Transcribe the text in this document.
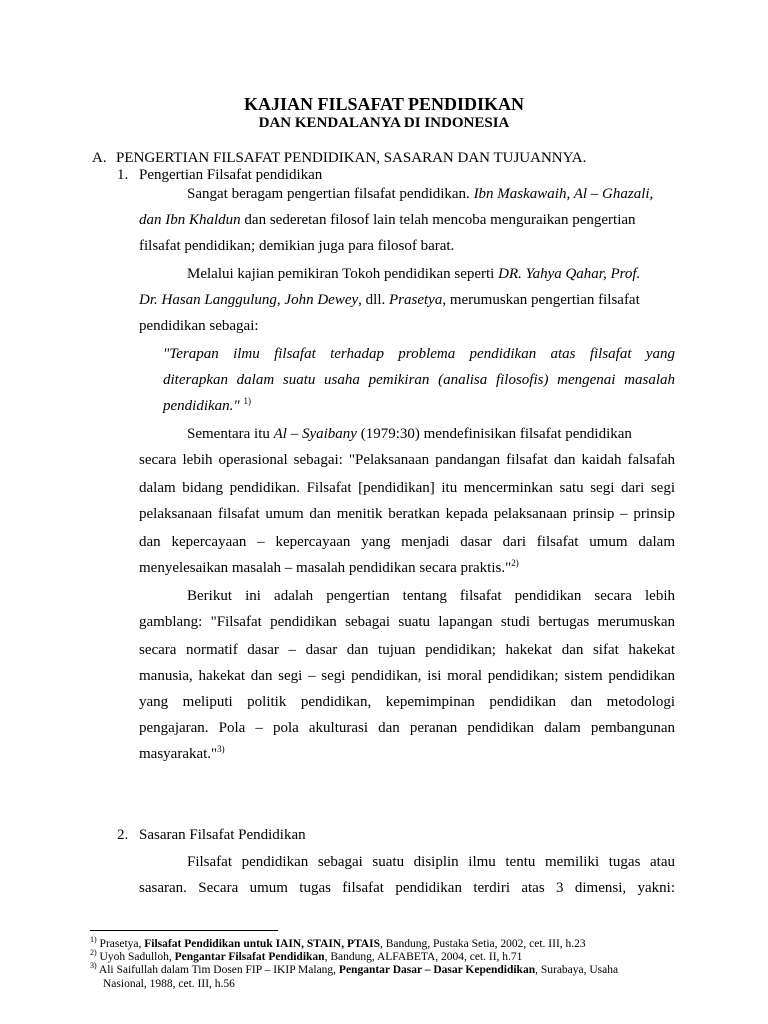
KAJIAN FILSAFAT PENDIDIKAN
DAN KENDALANYA DI INDONESIA
A. PENGERTIAN FILSAFAT PENDIDIKAN, SASARAN DAN TUJUANNYA.
1. Pengertian Filsafat pendidikan
Sangat beragam pengertian filsafat pendidikan. Ibn Maskawaih, Al – Ghazali,
dan Ibn Khaldun dan sederetan filosof lain telah mencoba menguraikan pengertian
filsafat pendidikan; demikian juga para filosof barat.
Melalui kajian pemikiran Tokoh pendidikan seperti DR. Yahya Qahar, Prof.
Dr. Hasan Langgulung, John Dewey, dll. Prasetya, merumuskan pengertian filsafat
pendidikan sebagai:
"Terapan ilmu filsafat terhadap problema pendidikan atas filsafat yang
diterapkan dalam suatu usaha pemikiran (analisa filosofis) mengenai masalah
pendidikan." $^{1)}$
Sementara itu Al – Syaibany (1979:30) mendefinisikan filsafat pendidikan
secara lebih operasional sebagai: "Pelaksanaan pandangan filsafat dan kaidah falsafah
dalam bidang pendidikan. Filsafat [pendidikan] itu mencerminkan satu segi dari segi
pelaksanaan filsafat umum dan menitik beratkan kepada pelaksanaan prinsip – prinsip
dan kepercayaan – kepercayaan yang menjadi dasar dari filsafat umum dalam
menyelesaikan masalah – masalah pendidikan secara praktis."$^{2)}$
Berikut ini adalah pengertian tentang filsafat pendidikan secara lebih
gamblang: "Filsafat pendidikan sebagai suatu lapangan studi bertugas merumuskan
secara normatif dasar – dasar dan tujuan pendidikan; hakekat dan sifat hakekat
manusia, hakekat dan segi – segi pendidikan, isi moral pendidikan; sistem pendidikan
yang meliputi politik pendidikan, kepemimpinan pendidikan dan metodologi
pengajaran. Pola – pola akulturasi dan peranan pendidikan dalam pembangunan
masyarakat."$^{3)}$
2. Sasaran Filsafat Pendidikan
Filsafat pendidikan sebagai suatu disiplin ilmu tentu memiliki tugas atau
sasaran. Secara umum tugas filsafat pendidikan terdiri atas 3 dimensi, yakni:
$^{1)}$ Prasetya, Filsafat Pendidikan untuk IAIN, STAIN, PTAIS, Bandung, Pustaka Setia, 2002, cet. III, h.23
$^{2)}$ Uyoh Sadulloh, Pengantar Filsafat Pendidikan, Bandung, ALFABETA, 2004, cet. II, h.71
$^{3)}$ Ali Saifullah dalam Tim Dosen FIP – IKIP Malang, Pengantar Dasar – Dasar Kependidikan, Surabaya, Usaha
Nasional, 1988, cet. III, h.56
